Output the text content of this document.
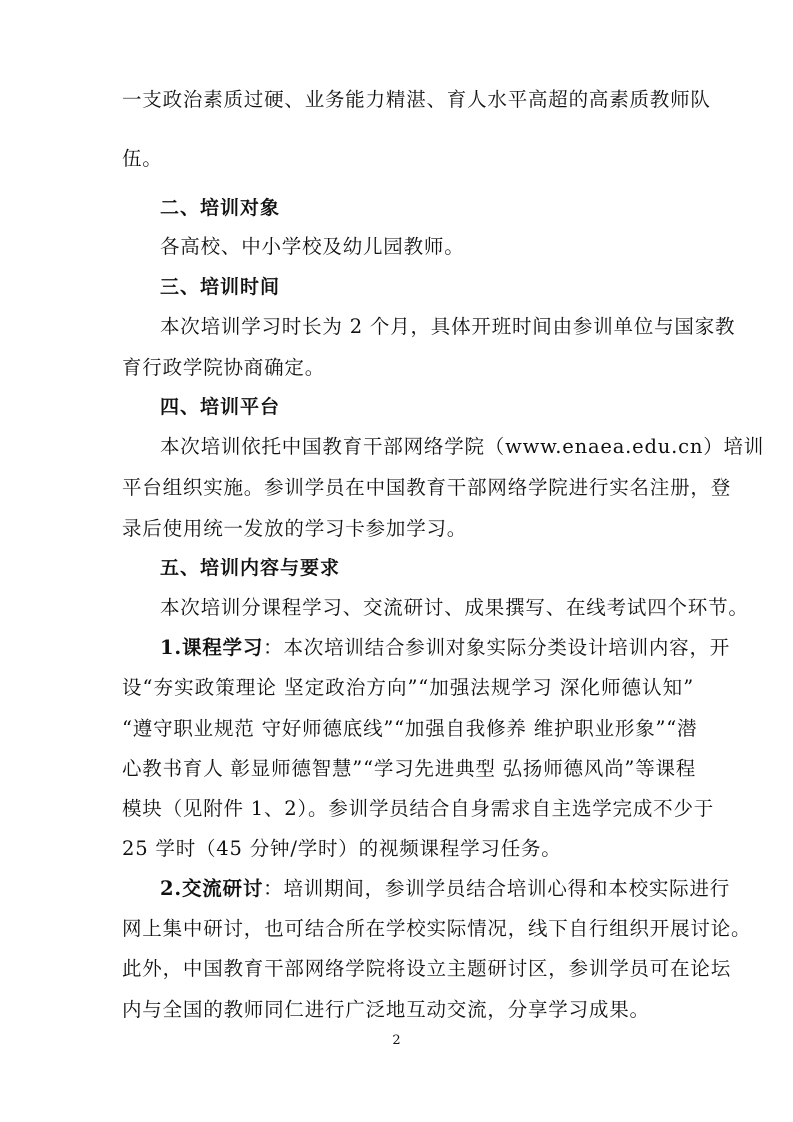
一支政治素质过硬、业务能力精湛、育人水平高超的高素质教师队
伍。
二、培训对象
各高校、中小学校及幼儿园教师。
三、培训时间
本次培训学习时长为 2 个月，具体开班时间由参训单位与国家教
育行政学院协商确定。
四、培训平台
本次培训依托中国教育干部网络学院（www.enaea.edu.cn）培训
平台组织实施。参训学员在中国教育干部网络学院进行实名注册，登
录后使用统一发放的学习卡参加学习。
五、培训内容与要求
本次培训分课程学习、交流研讨、成果撰写、在线考试四个环节。
1.课程学习：本次培训结合参训对象实际分类设计培训内容，开
设“夯实政策理论 坚定政治方向”“加强法规学习 深化师德认知”
“遵守职业规范 守好师德底线”“加强自我修养 维护职业形象”“潜
心教书育人 彰显师德智慧”“学习先进典型 弘扬师德风尚”等课程
模块（见附件 1、2）。参训学员结合自身需求自主选学完成不少于
25 学时（45 分钟/学时）的视频课程学习任务。
2.交流研讨：培训期间，参训学员结合培训心得和本校实际进行
网上集中研讨，也可结合所在学校实际情况，线下自行组织开展讨论。
此外，中国教育干部网络学院将设立主题研讨区，参训学员可在论坛
内与全国的教师同仁进行广泛地互动交流，分享学习成果。
2
